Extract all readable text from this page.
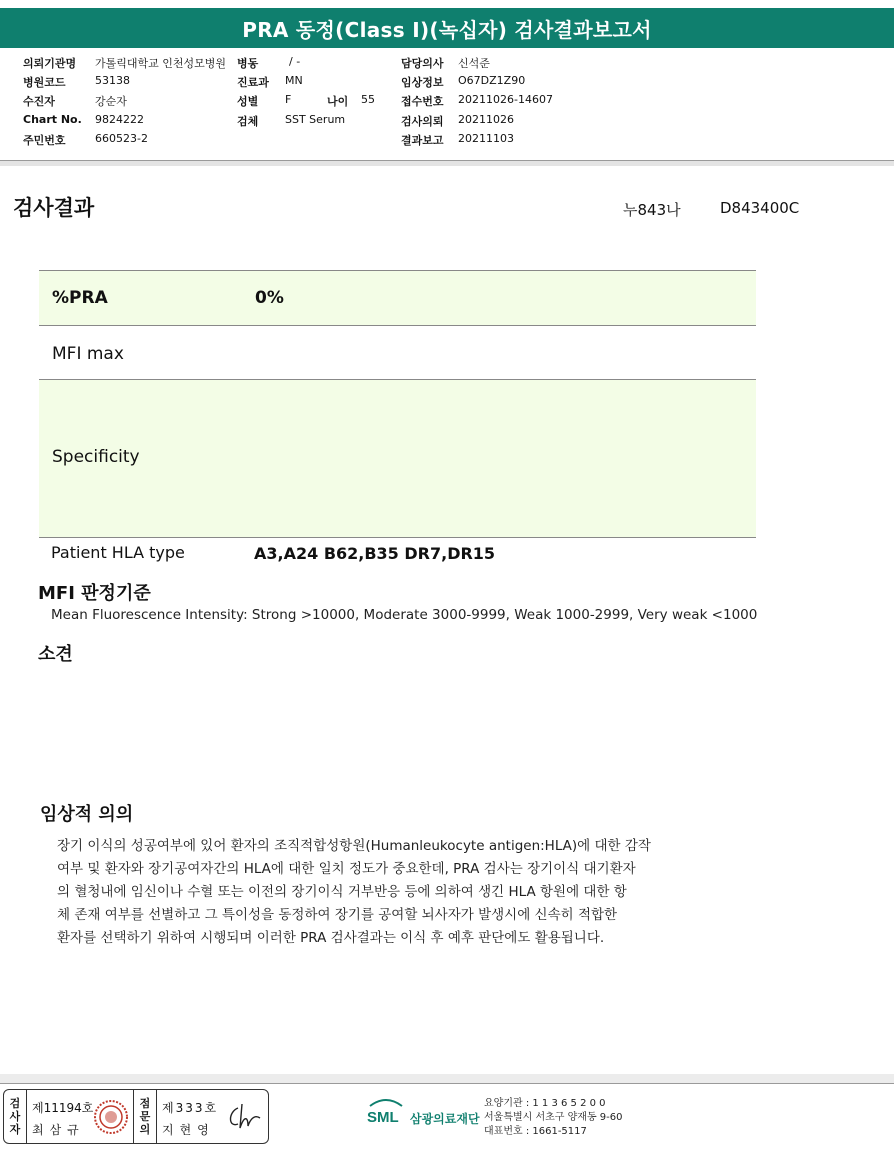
PRA 동정(Class I)(녹십자) 검사결과보고서
의뢰기관명 가톨릭대학교 인천성모병원
병원코드	53138
수진자	강순자
Chart No. 9824222
주민번호	660523-2
병동	/ -
진료과 MN
성별 F	나이 55
검체 SST Serum
담당의사 신석준
임상정보 O67DZ1Z90
접수번호 20211026-14607
검사의뢰 20211026
결과보고 20211103
검사결과	누843나	D843400C
%PRA	0%
MFI max
Specificity
Patient HLA type	A3,A24 B62,B35 DR7,DR15
MFI 판정기준
Mean Fluorescence Intensity: Strong >10000, Moderate 3000-9999, Weak 1000-2999, Very weak <1000
소견
임상적 의의
장기 이식의 성공여부에 있어 환자의 조직적합성항원(Humanleukocyte antigen:HLA)에 대한 감작
여부 및 환자와 장기공여자간의 HLA에 대한 일치 정도가 중요한데, PRA 검사는 장기이식 대기환자
의 혈청내에 임신이나 수혈 또는 이전의 장기이식 거부반응 등에 의하여 생긴 HLA 항원에 대한 항
체 존재 여부를 선별하고 그 특이성을 동정하여 장기를 공여할 뇌사자가 발생시에 신속히 적합한
환자를 선택하기 위하여 시행되며 이러한 PRA 검사결과는 이식 후 예후 판단에도 활용됩니다.
검
사
자
제11194호
최삼규
점
문
의
제333호
지현영
SML 삼광의료재단
요양기관 : 1 1 3 6 5 2 0 0
서울특별시 서초구 양재동 9-60
대표번호 : 1661-5117
